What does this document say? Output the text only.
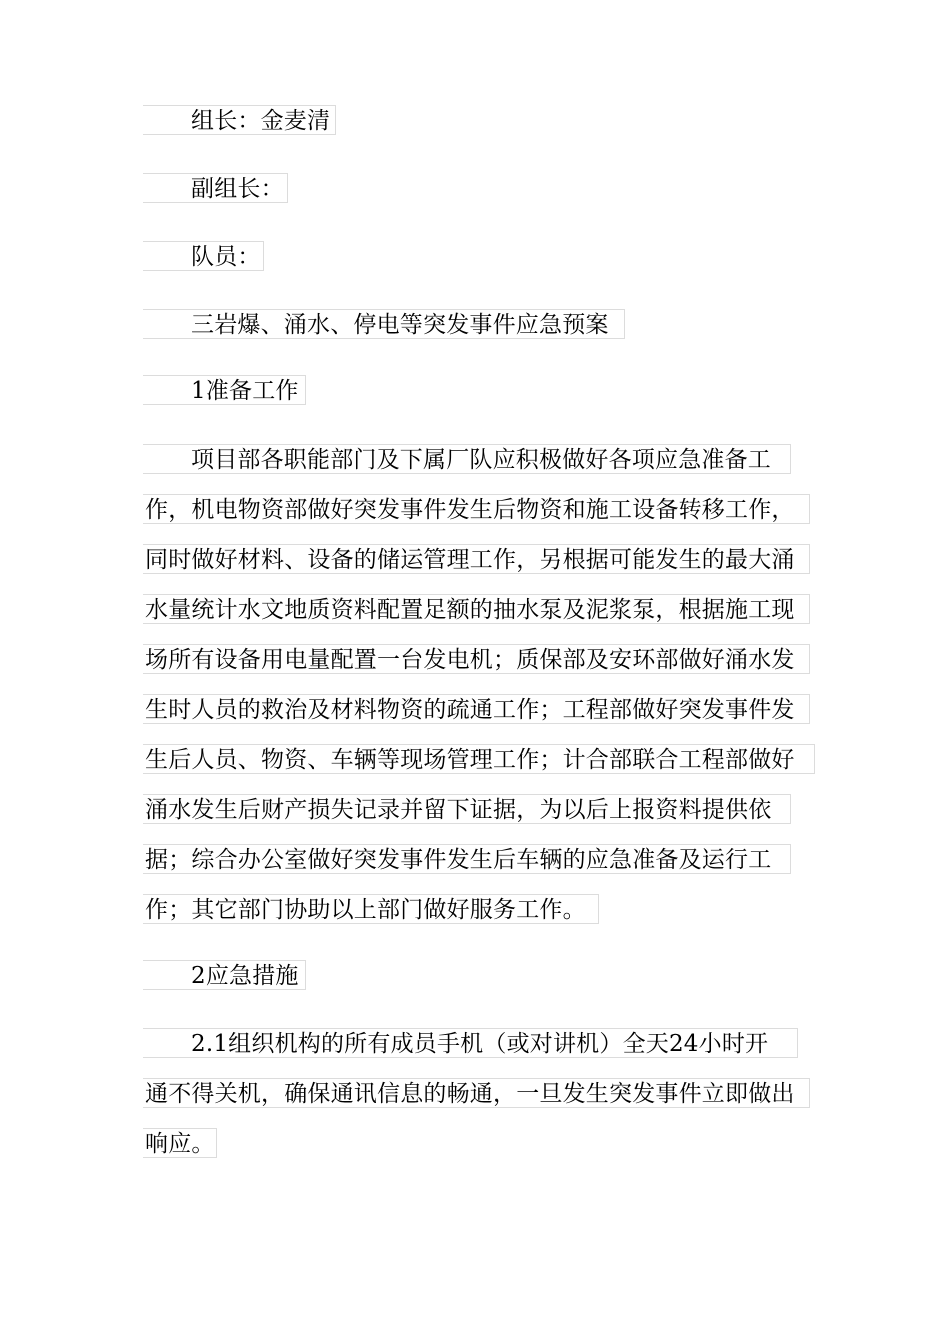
组长：金麦清
副组长：
队员：
三岩爆、涌水、停电等突发事件应急预案
1准备工作
项目部各职能部门及下属厂队应积极做好各项应急准备工
作，机电物资部做好突发事件发生后物资和施工设备转移工作，
同时做好材料、设备的储运管理工作，另根据可能发生的最大涌
水量统计水文地质资料配置足额的抽水泵及泥浆泵，根据施工现
场所有设备用电量配置一台发电机；质保部及安环部做好涌水发
生时人员的救治及材料物资的疏通工作；工程部做好突发事件发
生后人员、物资、车辆等现场管理工作；计合部联合工程部做好
涌水发生后财产损失记录并留下证据，为以后上报资料提供依
据；综合办公室做好突发事件发生后车辆的应急准备及运行工
作；其它部门协助以上部门做好服务工作。
2应急措施
2.1组织机构的所有成员手机（或对讲机）全天24小时开
通不得关机，确保通讯信息的畅通，一旦发生突发事件立即做出
响应。
